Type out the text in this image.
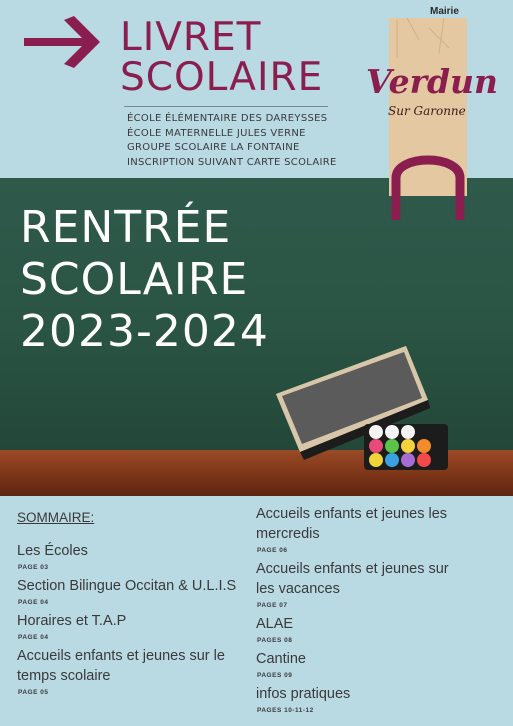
LIVRET
SCOLAIRE
ÉCOLE ÉLÉMENTAIRE DES DAREYSSES
ÉCOLE MATERNELLE JULES VERNE
GROUPE SCOLAIRE LA FONTAINE
INSCRIPTION SUIVANT CARTE SCOLAIRE
Mairie
Verdun
Sur Garonne
RENTRÉE
SCOLAIRE
2023-2024
SOMMAIRE:
Les Écoles
PAGE 03
Section Bilingue Occitan & U.L.I.S
PAGE 04
Horaires et T.A.P
PAGE 04
Accueils enfants et jeunes sur le temps scolaire
PAGE 05
Accueils enfants et jeunes les mercredis
PAGE 06
Accueils enfants et jeunes sur les vacances
PAGE 07
ALAE
PAGES 08
Cantine
PAGES 09
infos pratiques
PAGES 10-11-12
